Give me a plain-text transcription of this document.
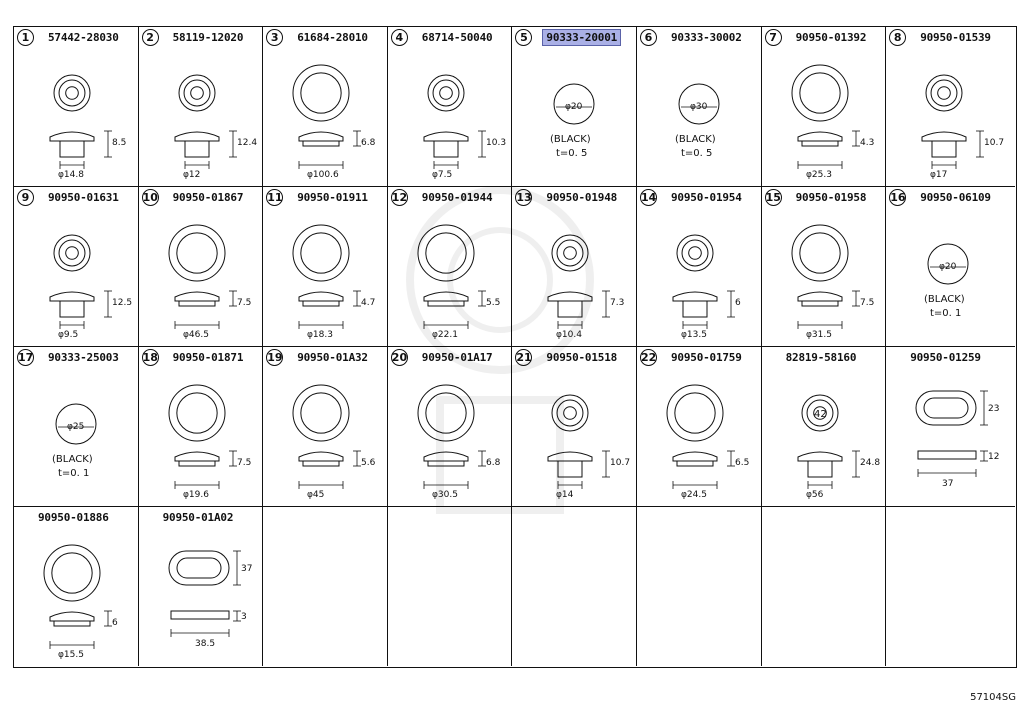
1	57442-28030
8.5
φ14.8
2	58119-12020
12.4
φ12
3	61684-28010
6.8
φ100.6
4	68714-50040
10.3
φ7.5
5	90333-20001
φ20
(BLACK)
t=0. 5
6	90333-30002
φ30
(BLACK)
t=0. 5
7	90950-01392
4.3
φ25.3
8	90950-01539
10.7
φ17
9	90950-01631
12.5
φ9.5
10 90950-01867
7.5
φ46.5
11 90950-01911
4.7
φ18.3
12 90950-01944
5.5
φ22.1
13 90950-01948
7.3
φ10.4
14 90950-01954
6
φ13.5
15 90950-01958
7.5
φ31.5
16 90950-06109
φ20
(BLACK)
t=0. 1
17 90333-25003
φ25
(BLACK)
t=0. 1
18 90950-01871
7.5
φ19.6
19 90950-01A32
5.6
φ45
20 90950-01A17
6.8
φ30.5
21 90950-01518
10.7
φ14
22 90950-01759
6.5
φ24.5
82819-58160
42
24.8
φ56
90950-01259
23
12
37
90950-01886
6
φ15.5
90950-01A02
37
3
38.5
57104SG
